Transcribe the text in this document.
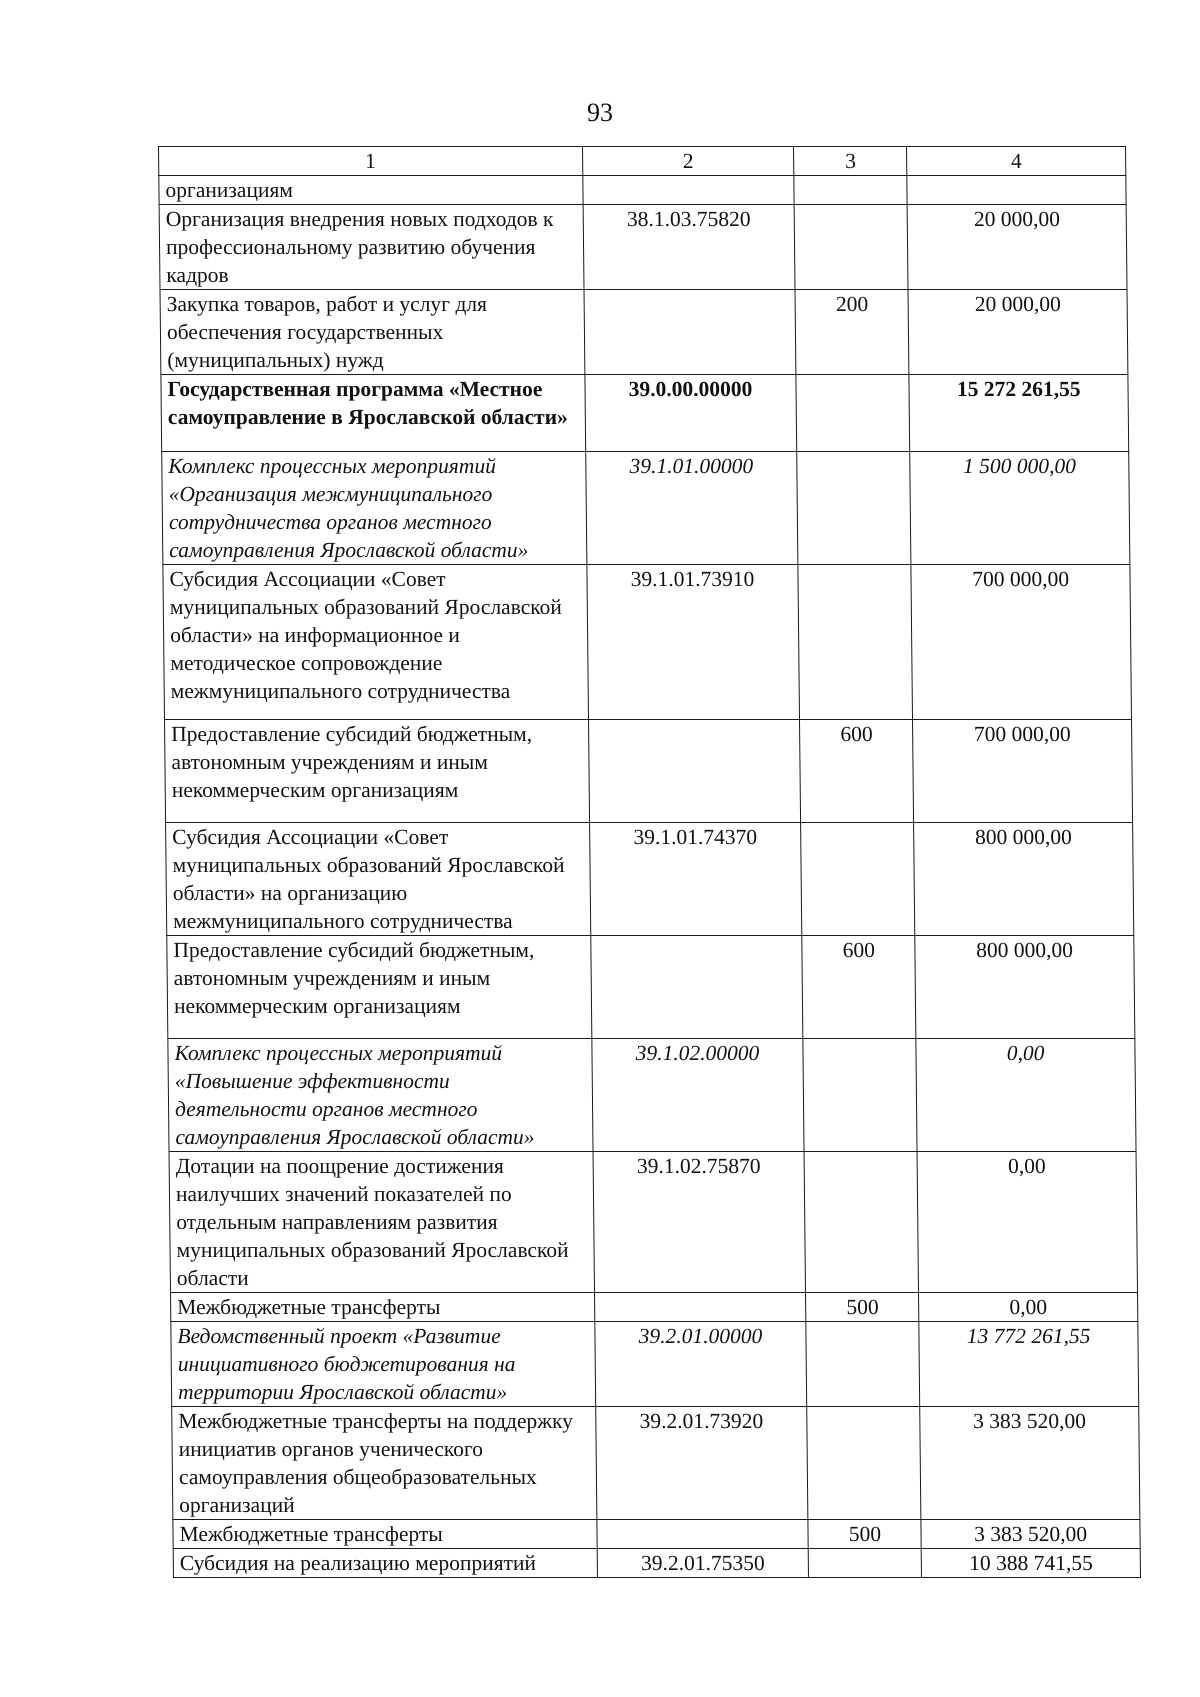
93
1	2	3	4
организациям			
Организация внедрения новых подходов к профессиональному развитию обучения кадров	38.1.03.75820		20 000,00
Закупка товаров, работ и услуг для обеспечения государственных (муниципальных) нужд		200	20 000,00
Государственная программа «Местное самоуправление в Ярославской области»	39.0.00.00000		15 272 261,55
Комплекс процессных мероприятий «Организация межмуниципального сотрудничества органов местного самоуправления Ярославской области»	39.1.01.00000		1 500 000,00
Субсидия Ассоциации «Совет муниципальных образований Ярославской области» на информационное и методическое сопровождение межмуниципального сотрудничества	39.1.01.73910		700 000,00
Предоставление субсидий бюджетным, автономным учреждениям и иным некоммерческим организациям		600	700 000,00
Субсидия Ассоциации «Совет муниципальных образований Ярославской области» на организацию межмуниципального сотрудничества	39.1.01.74370		800 000,00
Предоставление субсидий бюджетным, автономным учреждениям и иным некоммерческим организациям		600	800 000,00
Комплекс процессных мероприятий «Повышение эффективности деятельности органов местного самоуправления Ярославской области»	39.1.02.00000		0,00
Дотации на поощрение достижения наилучших значений показателей по отдельным направлениям развития муниципальных образований Ярославской области	39.1.02.75870		0,00
Межбюджетные трансферты		500	0,00
Ведомственный проект «Развитие инициативного бюджетирования на территории Ярославской области»	39.2.01.00000		13 772 261,55
Межбюджетные трансферты на поддержку инициатив органов ученического самоуправления общеобразовательных организаций	39.2.01.73920		3 383 520,00
Межбюджетные трансферты		500	3 383 520,00
Субсидия на реализацию мероприятий	39.2.01.75350		10 388 741,55
